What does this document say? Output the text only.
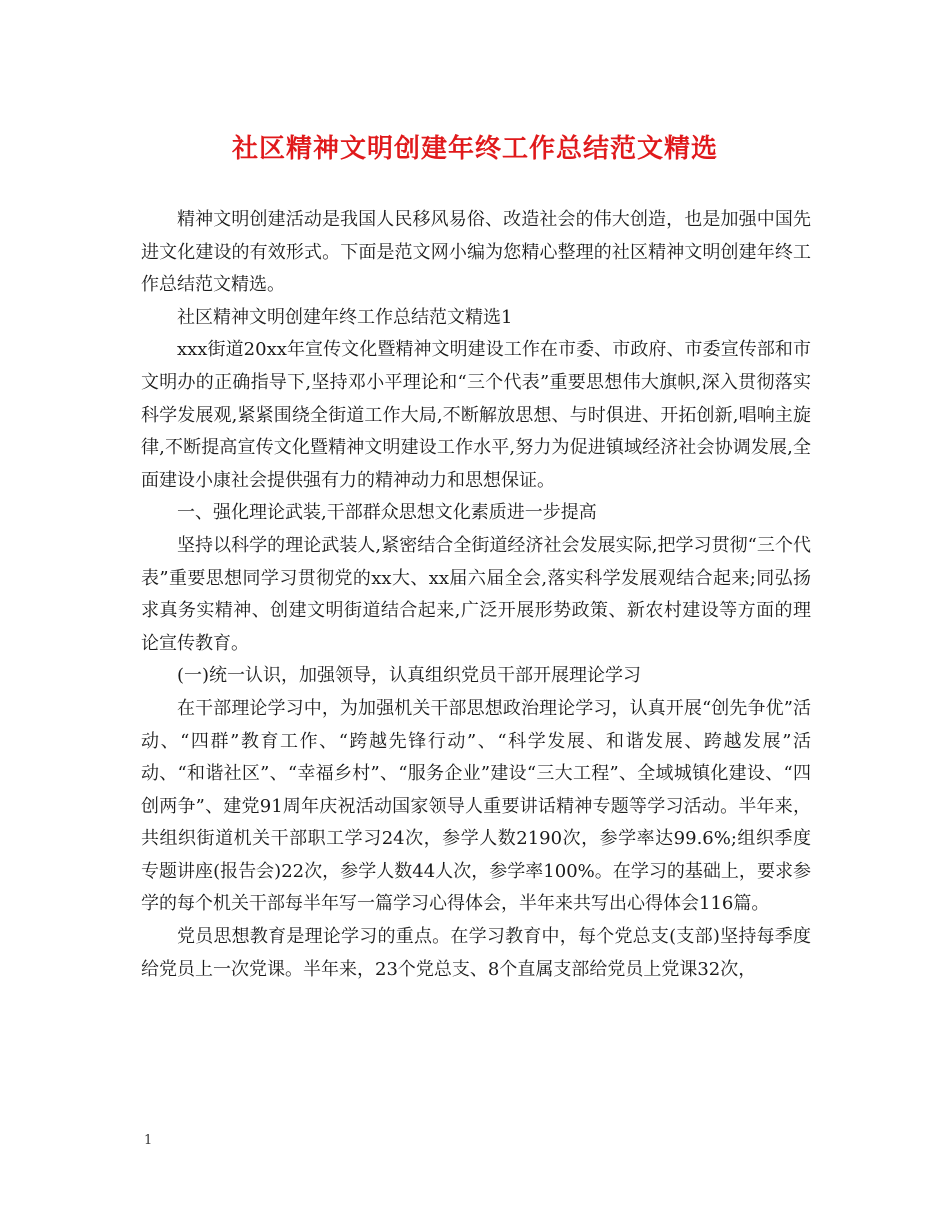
社区精神文明创建年终工作总结范文精选

精神文明创建活动是我国人民移风易俗、改造社会的伟大创造，也是加强中国先进文化建设的有效形式。下面是范文网小编为您精心整理的社区精神文明创建年终工作总结范文精选。

社区精神文明创建年终工作总结范文精选1

xxx街道20xx年宣传文化暨精神文明建设工作在市委、市政府、市委宣传部和市文明办的正确指导下,坚持邓小平理论和“三个代表”重要思想伟大旗帜,深入贯彻落实科学发展观,紧紧围绕全街道工作大局,不断解放思想、与时俱进、开拓创新,唱响主旋律,不断提高宣传文化暨精神文明建设工作水平,努力为促进镇域经济社会协调发展,全面建设小康社会提供强有力的精神动力和思想保证。

一、强化理论武装,干部群众思想文化素质进一步提高

坚持以科学的理论武装人,紧密结合全街道经济社会发展实际,把学习贯彻“三个代表”重要思想同学习贯彻党的xx大、xx届六届全会,落实科学发展观结合起来;同弘扬求真务实精神、创建文明街道结合起来,广泛开展形势政策、新农村建设等方面的理论宣传教育。

(一)统一认识，加强领导，认真组织党员干部开展理论学习

在干部理论学习中，为加强机关干部思想政治理论学习，认真开展“创先争优”活动、“四群”教育工作、“跨越先锋行动”、“科学发展、和谐发展、跨越发展”活动、“和谐社区”、“幸福乡村”、“服务企业”建设“三大工程”、全域城镇化建设、“四创两争”、建党91周年庆祝活动国家领导人重要讲话精神专题等学习活动。半年来，共组织街道机关干部职工学习24次，参学人数2190次，参学率达99.6%;组织季度专题讲座(报告会)22次，参学人数44人次，参学率100%。在学习的基础上，要求参学的每个机关干部每半年写一篇学习心得体会，半年来共写出心得体会116篇。

党员思想教育是理论学习的重点。在学习教育中，每个党总支(支部)坚持每季度给党员上一次党课。半年来，23个党总支、8个直属支部给党员上党课32次，

1
